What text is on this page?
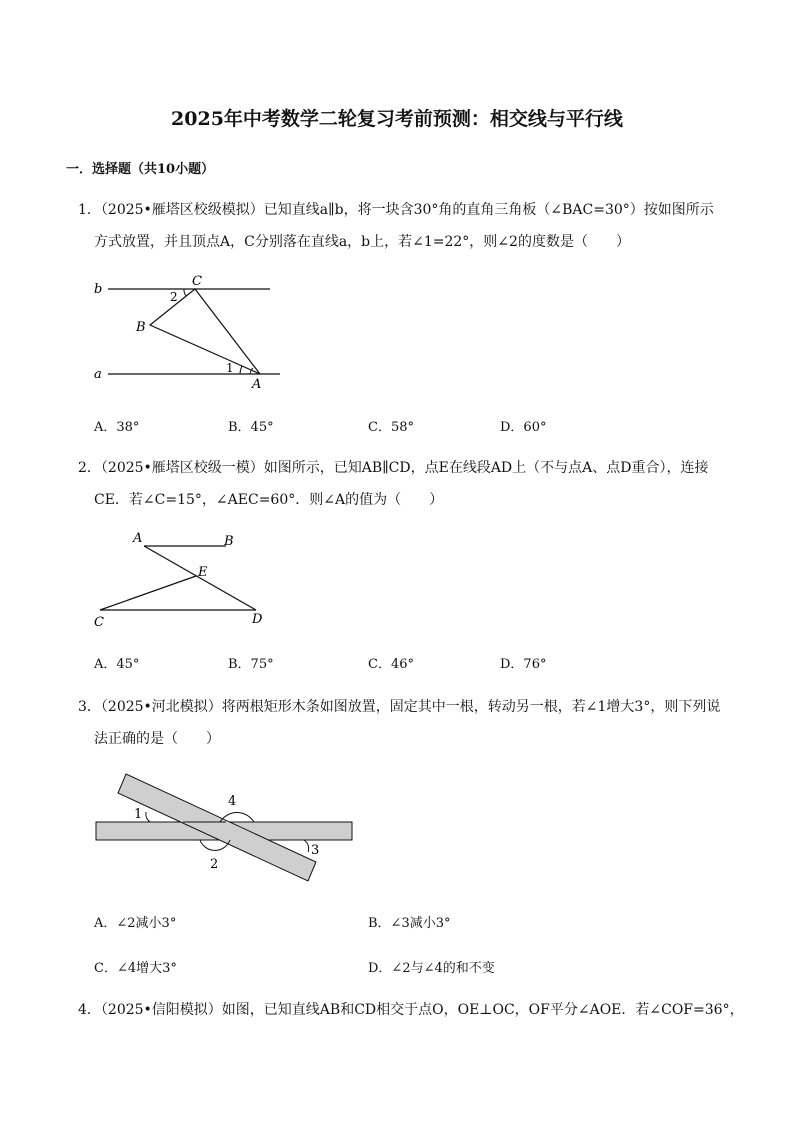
2025年中考数学二轮复习考前预测：相交线与平行线
一．选择题（共10小题）
1．（2025•雁塔区校级模拟）已知直线a∥b，将一块含30°角的直角三角板（∠BAC=30°）按如图所示
方式放置，并且顶点A，C分别落在直线a，b上，若∠1=22°，则∠2的度数是（　　）
b
a
C
2
B
1
A
A．38°	B．45°	C．58°	D．60°
2．（2025•雁塔区校级一模）如图所示，已知AB∥CD，点E在线段AD上（不与点A、点D重合），连接
CE．若∠C=15°，∠AEC=60°．则∠A的值为（　　）
A	B
E
C	D
A．45°	B．75°	C．46°	D．76°
3．（2025•河北模拟）将两根矩形木条如图放置，固定其中一根，转动另一根，若∠1增大3°，则下列说
法正确的是（　　）
1
4
2
3
A．∠2减小3°	B．∠3减小3°
C．∠4增大3°	D．∠2与∠4的和不变
4．（2025•信阳模拟）如图，已知直线AB和CD相交于点O，OE⊥OC，OF平分∠AOE．若∠COF=36°，
